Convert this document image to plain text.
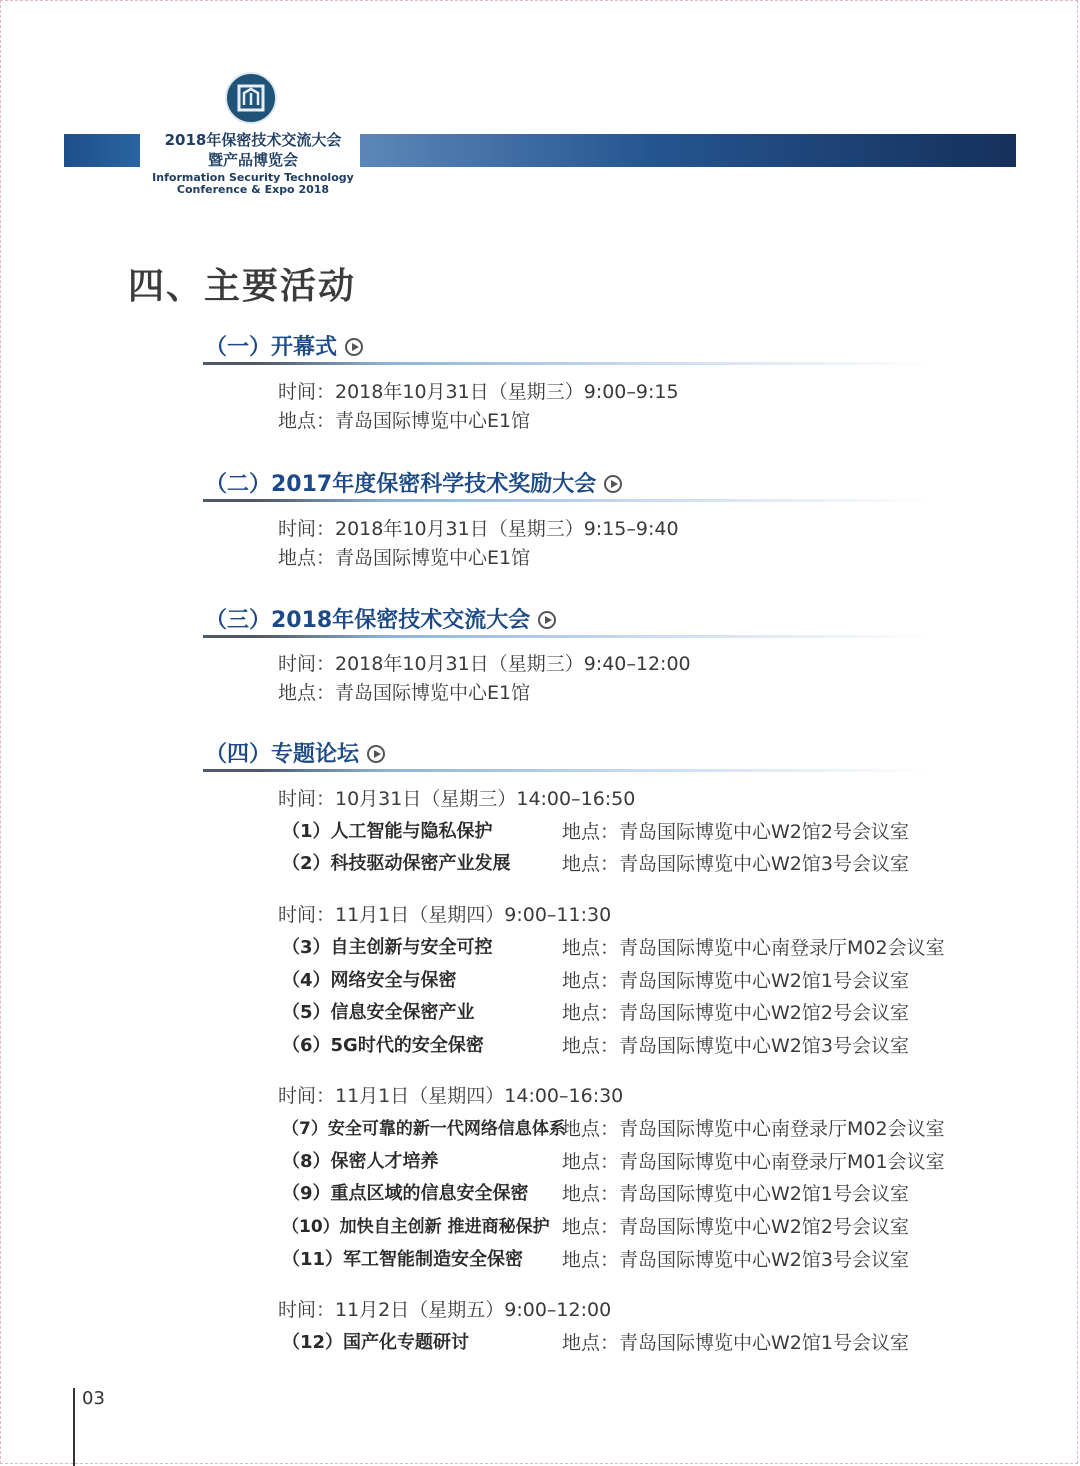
2018年保密技术交流大会
暨产品博览会
Information Security Technology
Conference & Expo 2018
四、主要活动
（一）开幕式
时间：2018年10月31日（星期三）9:00–9:15
地点：青岛国际博览中心E1馆
（二）2017年度保密科学技术奖励大会
时间：2018年10月31日（星期三）9:15–9:40
地点：青岛国际博览中心E1馆
（三）2018年保密技术交流大会
时间：2018年10月31日（星期三）9:40–12:00
地点：青岛国际博览中心E1馆
（四）专题论坛
时间：10月31日（星期三）14:00–16:50
（1）人工智能与隐私保护	地点：青岛国际博览中心W2馆2号会议室
（2）科技驱动保密产业发展	地点：青岛国际博览中心W2馆3号会议室
时间：11月1日（星期四）9:00–11:30
（3）自主创新与安全可控	地点：青岛国际博览中心南登录厅M02会议室
（4）网络安全与保密	地点：青岛国际博览中心W2馆1号会议室
（5）信息安全保密产业	地点：青岛国际博览中心W2馆2号会议室
（6）5G时代的安全保密	地点：青岛国际博览中心W2馆3号会议室
时间：11月1日（星期四）14:00–16:30
（7）安全可靠的新一代网络信息体系
地点：青岛国际博览中心南登录厅M02会议室
（8）保密人才培养	地点：青岛国际博览中心南登录厅M01会议室
（9）重点区域的信息安全保密 地点：青岛国际博览中心W2馆1号会议室
（10）加快自主创新 推进商秘保护 地点：青岛国际博览中心W2馆2号会议室
（11）军工智能制造安全保密 地点：青岛国际博览中心W2馆3号会议室
时间：11月2日（星期五）9:00–12:00
（12）国产化专题研讨	地点：青岛国际博览中心W2馆1号会议室
03
